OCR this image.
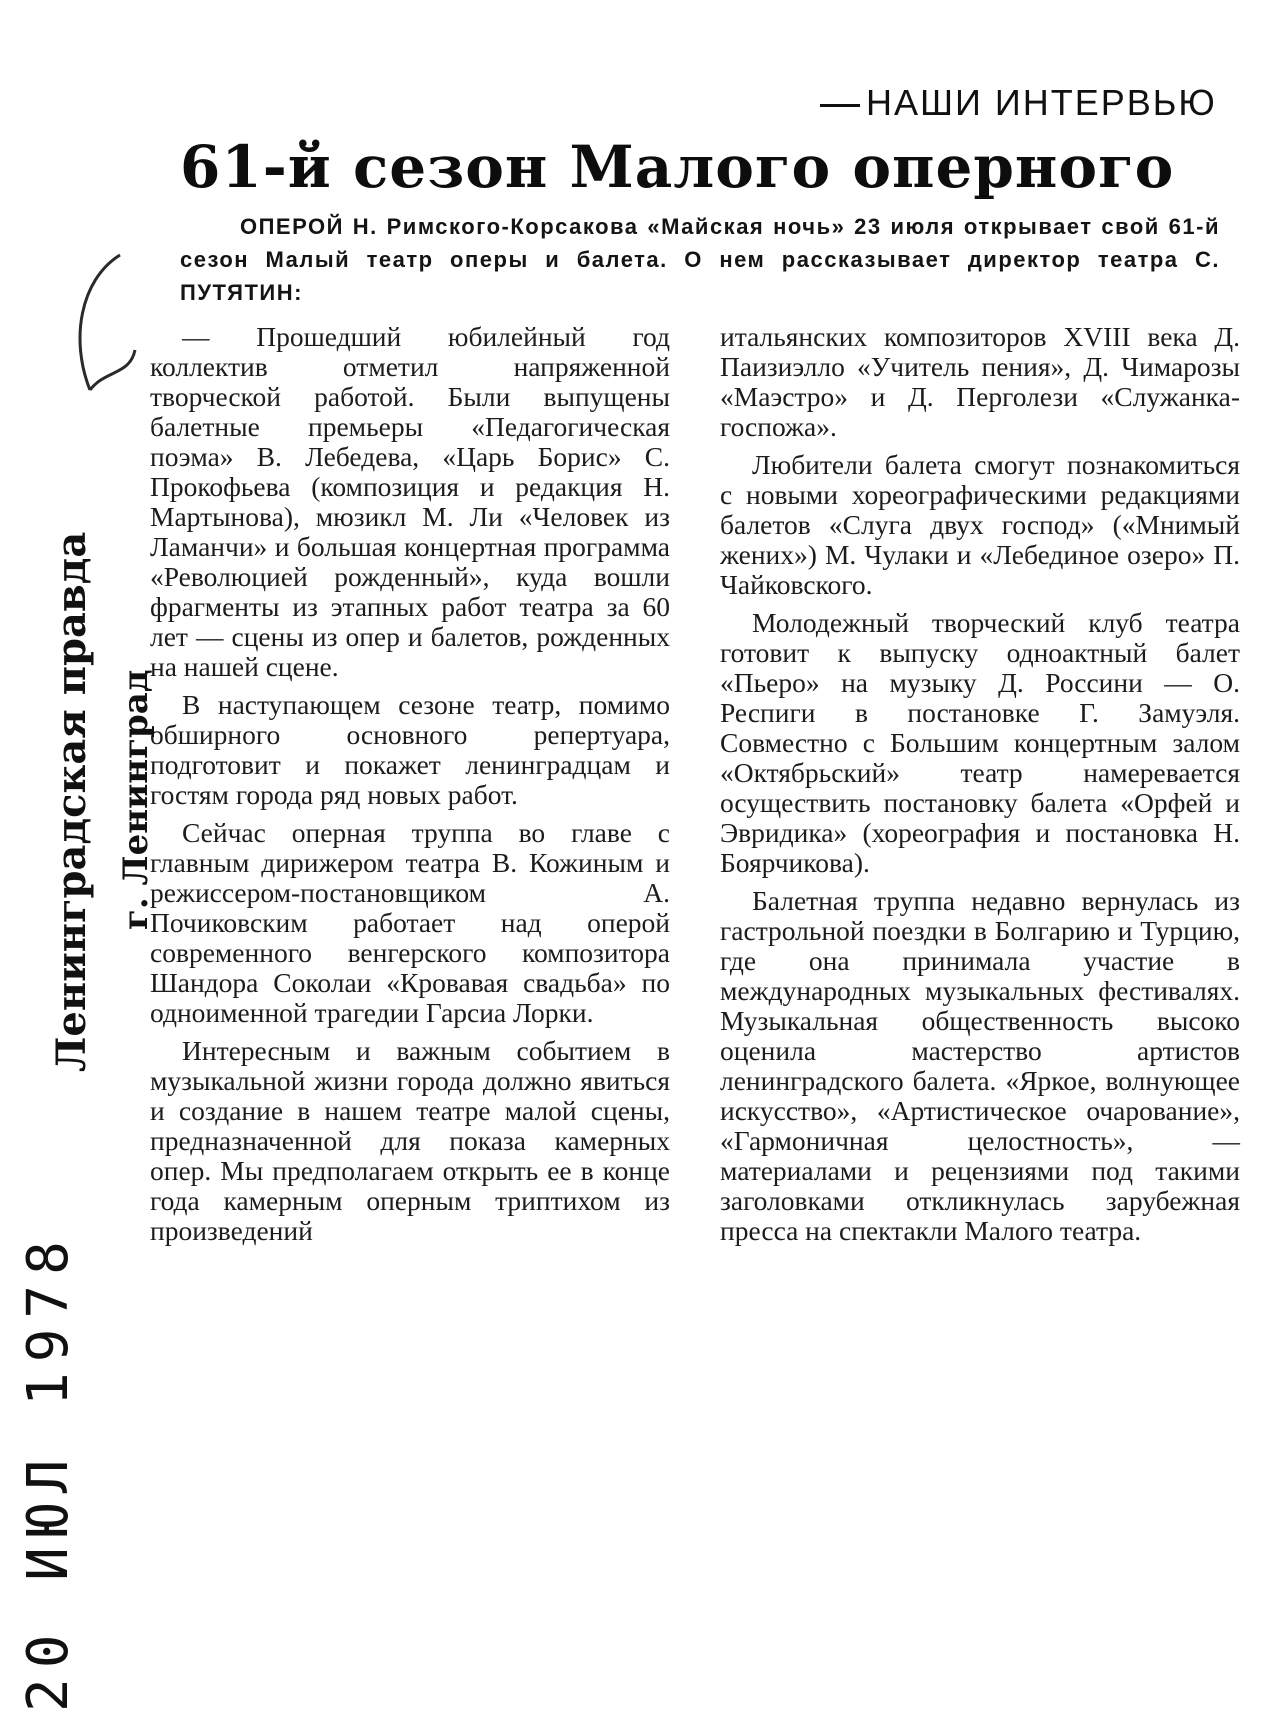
НАШИ ИНТЕРВЬЮ
61-й сезон Малого оперного
ОПЕРОЙ Н. Римского-Корсакова «Майская ночь» 23 июля открывает свой 61-й сезон Малый театр оперы и балета. О нем рассказывает директор театра С. ПУТЯТИН:

— Прошедший юбилейный год коллектив отметил напряженной творческой работой. Были выпущены балетные премьеры «Педагогическая поэма» В. Лебедева, «Царь Борис» С. Прокофьева (композиция и редакция Н. Мартынова), мюзикл М. Ли «Человек из Ламанчи» и большая концертная программа «Революцией рожденный», куда вошли фрагменты из этапных работ театра за 60 лет — сцены из опер и балетов, рожденных на нашей сцене.

В наступающем сезоне театр, помимо обширного основного репертуара, подготовит и покажет ленинградцам и гостям города ряд новых работ.

Сейчас оперная труппа во главе с главным дирижером театра В. Кожиным и режиссером-постановщиком А. Почиковским работает над оперой современного венгерского композитора Шандора Соколаи «Кровавая свадьба» по одноименной трагедии Гарсиа Лорки.

Интересным и важным событием в музыкальной жизни города должно явиться и создание в нашем театре малой сцены, предназначенной для показа камерных опер. Мы предполагаем открыть ее в конце года камерным оперным триптихом из произведений

итальянских композиторов XVIII века Д. Паизиэлло «Учитель пения», Д. Чимарозы «Маэстро» и Д. Перголези «Служанка-госпожа».

Любители балета смогут познакомиться с новыми хореографическими редакциями балетов «Слуга двух господ» («Мнимый жених») М. Чулаки и «Лебединое озеро» П. Чайковского.

Молодежный творческий клуб театра готовит к выпуску одноактный балет «Пьеро» на музыку Д. Россини — О. Респиги в постановке Г. Замуэля. Совместно с Большим концертным залом «Октябрьский» театр намеревается осуществить постановку балета «Орфей и Эвридика» (хореография и постановка Н. Боярчикова).

Балетная труппа недавно вернулась из гастрольной поездки в Болгарию и Турцию, где она принимала участие в международных музыкальных фестивалях. Музыкальная общественность высоко оценила мастерство артистов ленинградского балета. «Яркое, волнующее искусство», «Артистическое очарование», «Гармоничная целостность», — материалами и рецензиями под такими заголовками откликнулась зарубежная пресса на спектакли Малого театра.

Ленинградская правда г. Ленинград
20 ИЮЛ 1978
